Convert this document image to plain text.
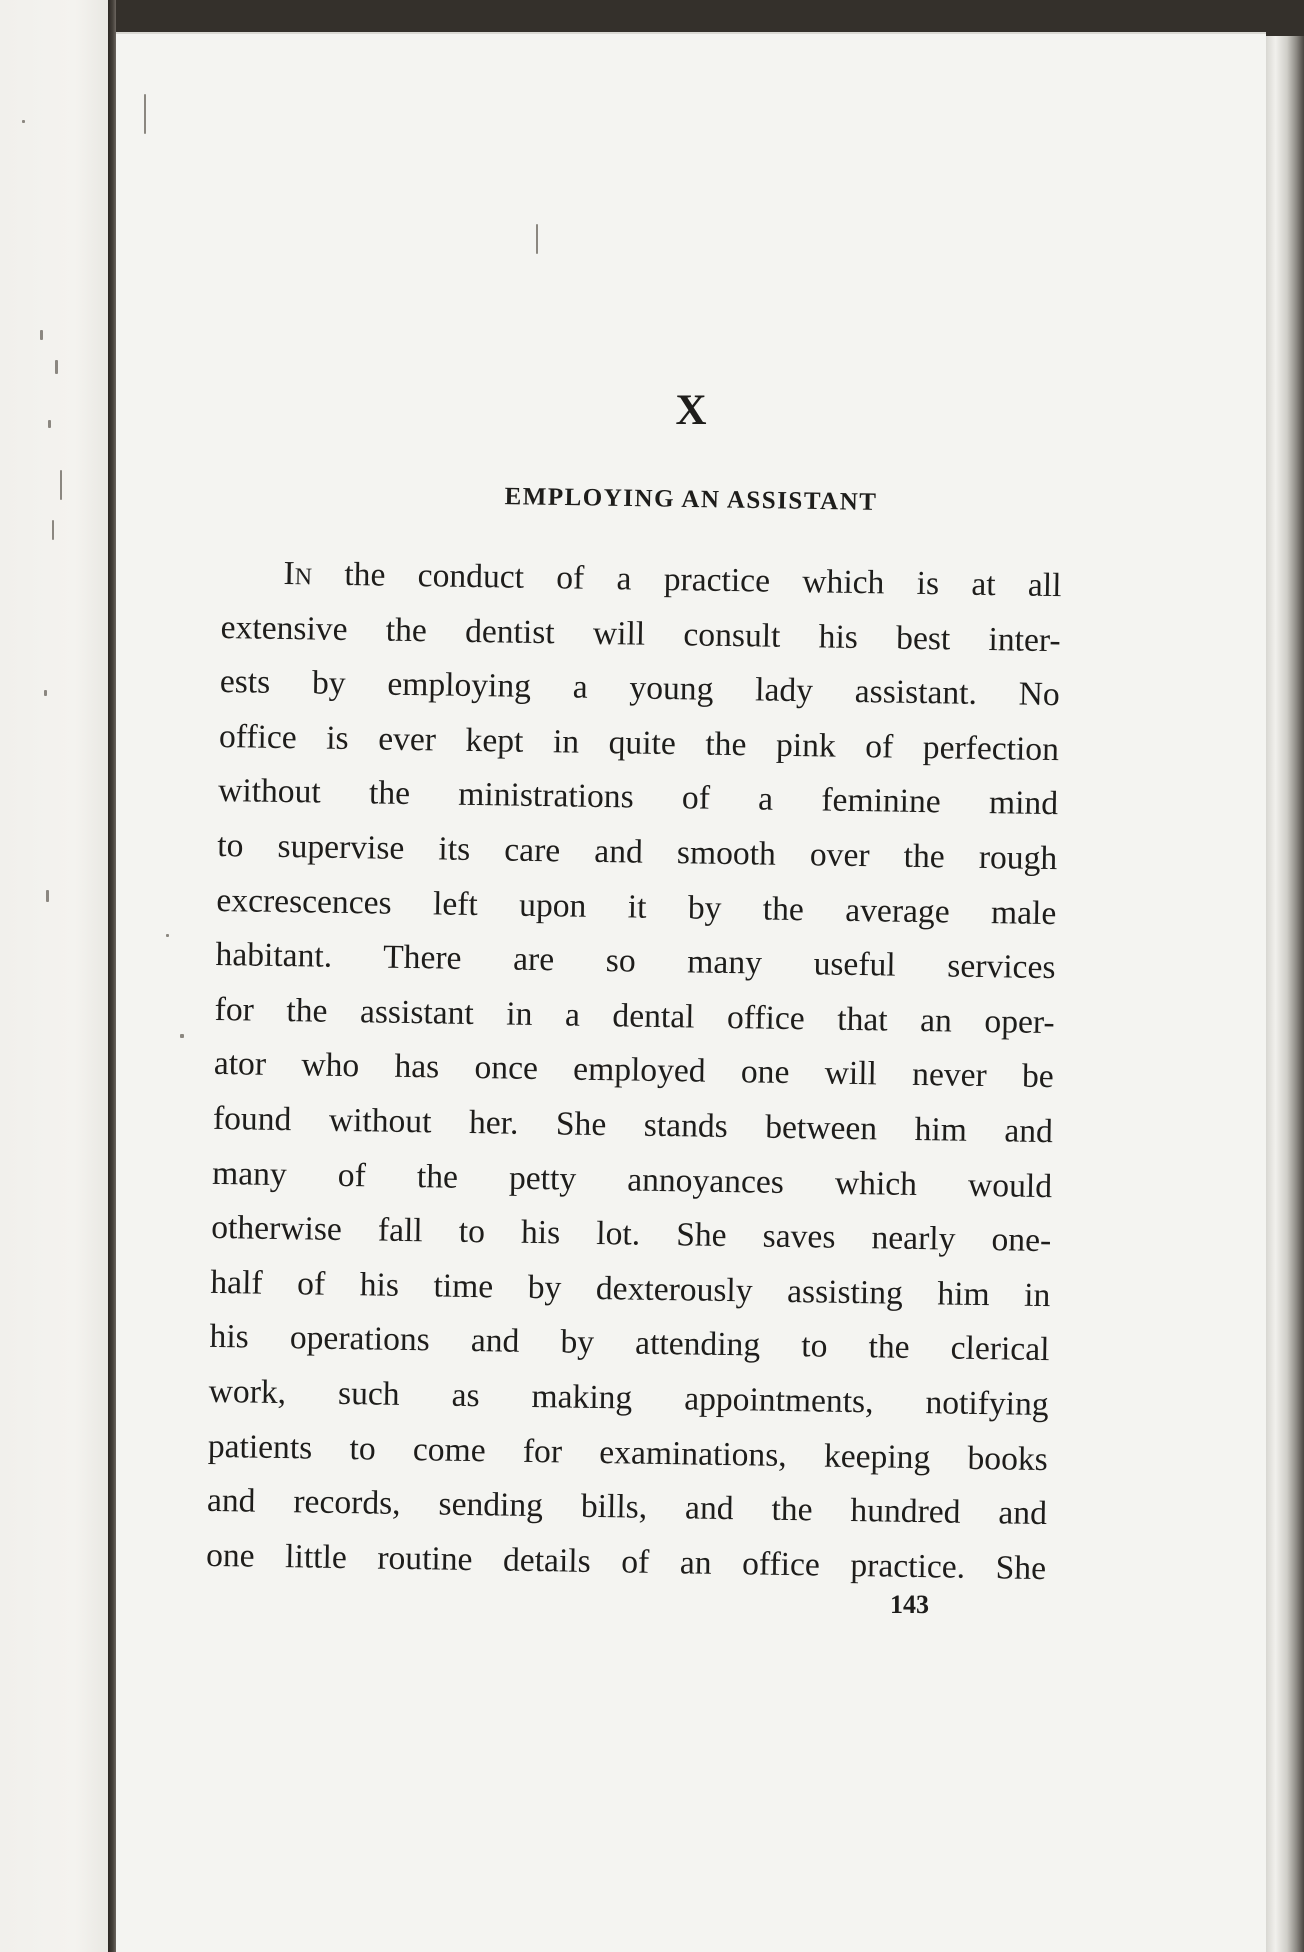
X
EMPLOYING AN ASSISTANT
In the conduct of a practice which is at all
extensive the dentist will consult his best inter-
ests by employing a young lady assistant. No
office is ever kept in quite the pink of perfection
without the ministrations of a feminine mind
to supervise its care and smooth over the rough
excrescences left upon it by the average male
habitant. There are so many useful services
for the assistant in a dental office that an oper-
ator who has once employed one will never be
found without her. She stands between him and
many of the petty annoyances which would
otherwise fall to his lot. She saves nearly one-
half of his time by dexterously assisting him in
his operations and by attending to the clerical
work, such as making appointments, notifying
patients to come for examinations, keeping books
and records, sending bills, and the hundred and
one little routine details of an office practice. She

143
